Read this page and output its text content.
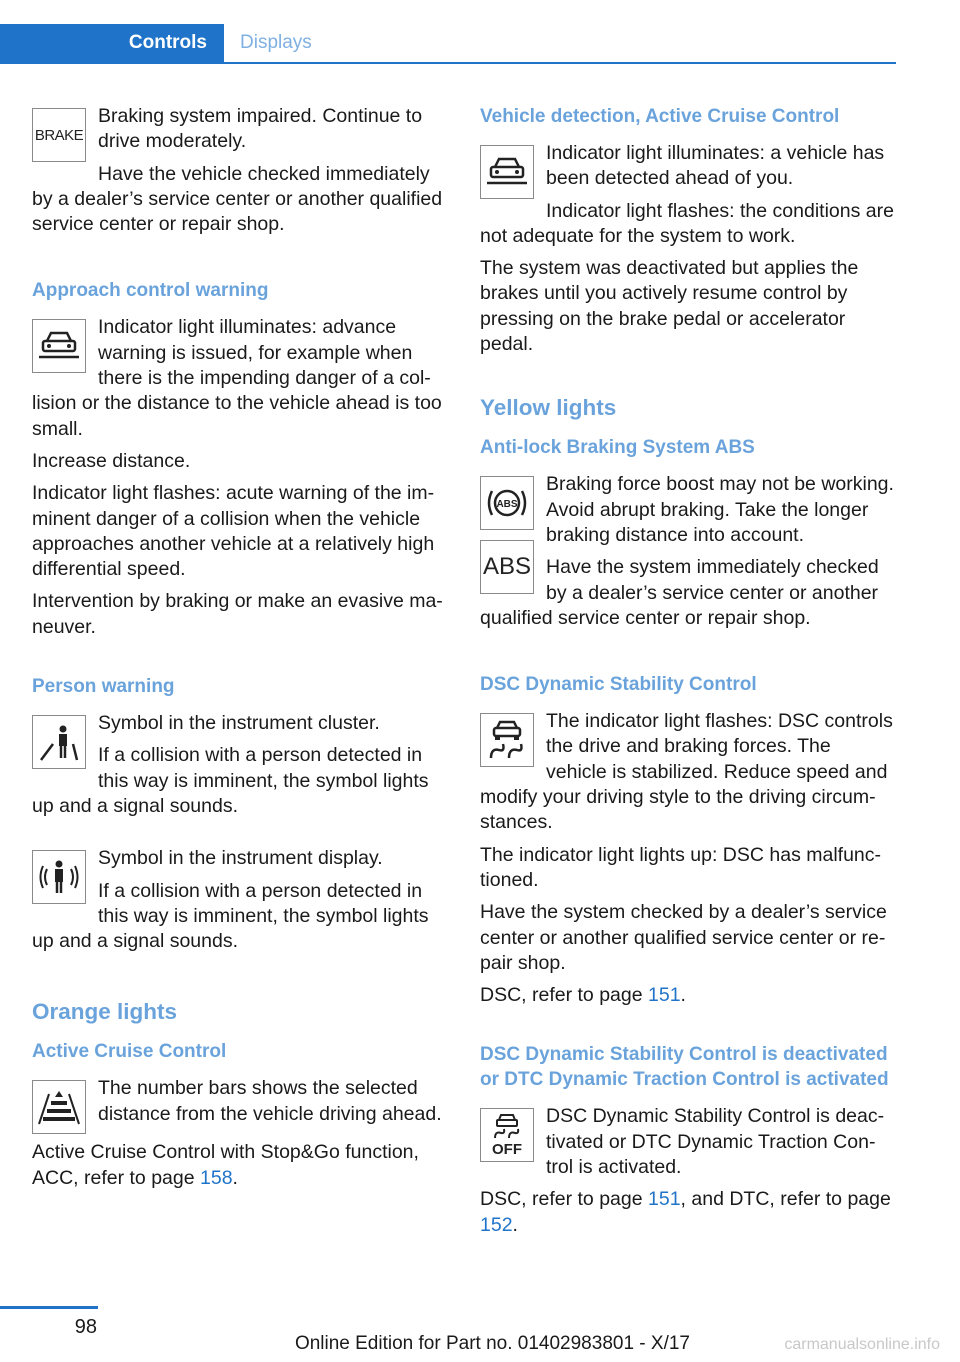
Controls	Displays
BRAKE

Braking system impaired. Continue to drive moderately.

Have the vehicle checked immediately by a dealer’s service center or another qualified service center or repair shop.

Approach control warning

Indicator light illuminates: advance warning is issued, for example when there is the impending danger of a collision or the distance to the vehicle ahead is too small.

Increase distance.

Indicator light flashes: acute warning of the imminent danger of a collision when the vehicle approaches another vehicle at a relatively high differential speed.

Intervention by braking or make an evasive maneuver.

Person warning

Symbol in the instrument cluster.

If a collision with a person detected in this way is imminent, the symbol lights up and a signal sounds.

Symbol in the instrument display.

If a collision with a person detected in this way is imminent, the symbol lights up and a signal sounds.

Orange lights
Active Cruise Control

The number bars shows the selected distance from the vehicle driving ahead.

Active Cruise Control with Stop&Go function, ACC, refer to page 158.

Vehicle detection, Active Cruise Control

Indicator light illuminates: a vehicle has been detected ahead of you.

Indicator light flashes: the conditions are not adequate for the system to work.

The system was deactivated but applies the brakes until you actively resume control by pressing on the brake pedal or accelerator pedal.

Yellow lights
Anti-lock Braking System ABS
ABS
ABS

Braking force boost may not be working. Avoid abrupt braking. Take the longer braking distance into account.

Have the system immediately checked by a dealer’s service center or another qualified service center or repair shop.

DSC Dynamic Stability Control

The indicator light flashes: DSC controls the drive and braking forces. The vehicle is stabilized. Reduce speed and modify your driving style to the driving circumstances.

The indicator light lights up: DSC has malfunctioned.

Have the system checked by a dealer’s service center or another qualified service center or repair shop.

DSC, refer to page 151.

DSC Dynamic Stability Control is deactivated or DTC Dynamic Traction Control is activated
OFF

DSC Dynamic Stability Control is deactivated or DTC Dynamic Traction Control is activated.

DSC, refer to page 151, and DTC, refer to page 152.

98
Online Edition for Part no. 01402983801 - X/17	carmanualsonline.info
